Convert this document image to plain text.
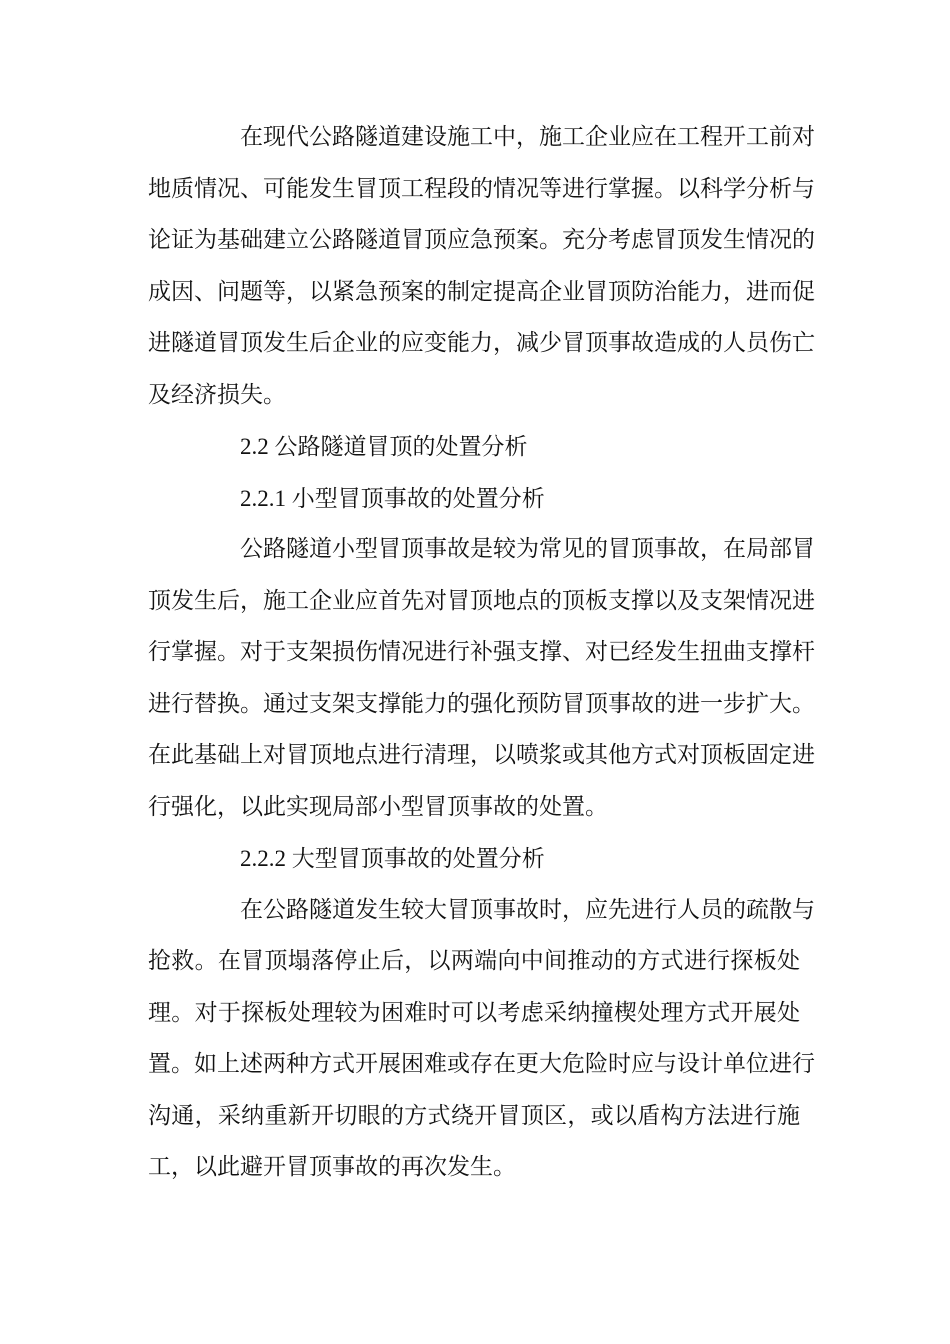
在现代公路隧道建设施工中，施工企业应在工程开工前对
地质情况、可能发生冒顶工程段的情况等进行掌握。以科学分析与
论证为基础建立公路隧道冒顶应急预案。充分考虑冒顶发生情况的
成因、问题等，以紧急预案的制定提高企业冒顶防治能力，进而促
进隧道冒顶发生后企业的应变能力，减少冒顶事故造成的人员伤亡
及经济损失。
2.2 公路隧道冒顶的处置分析
2.2.1 小型冒顶事故的处置分析
公路隧道小型冒顶事故是较为常见的冒顶事故，在局部冒
顶发生后，施工企业应首先对冒顶地点的顶板支撑以及支架情况进
行掌握。对于支架损伤情况进行补强支撑、对已经发生扭曲支撑杆
进行替换。通过支架支撑能力的强化预防冒顶事故的进一步扩大。
在此基础上对冒顶地点进行清理，以喷浆或其他方式对顶板固定进
行强化，以此实现局部小型冒顶事故的处置。
2.2.2 大型冒顶事故的处置分析
在公路隧道发生较大冒顶事故时，应先进行人员的疏散与
抢救。在冒顶塌落停止后，以两端向中间推动的方式进行探板处
理。对于探板处理较为困难时可以考虑采纳撞楔处理方式开展处
置。如上述两种方式开展困难或存在更大危险时应与设计单位进行
沟通，采纳重新开切眼的方式绕开冒顶区，或以盾构方法进行施
工，以此避开冒顶事故的再次发生。
